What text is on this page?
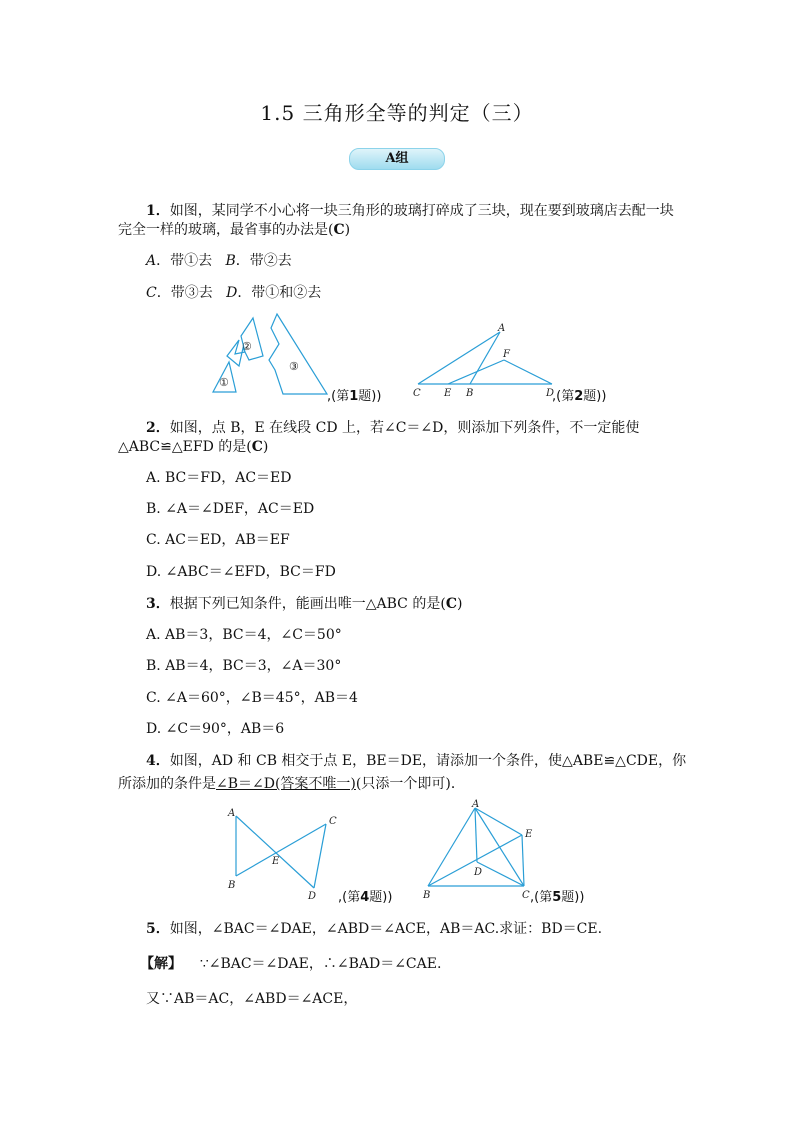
1.5 三角形全等的判定（三）
A组
1．如图，某同学不小心将一块三角形的玻璃打碎成了三块，现在要到玻璃店去配一块
完全一样的玻璃，最省事的办法是(C)
A．带①去 B．带②去
C．带③去 D．带①和②去
①
②
③
,(第1题))
A
F
C E B	D
,(第2题))
2．如图，点 B，E 在线段 CD 上，若∠C＝∠D，则添加下列条件，不一定能使
△ABC≌△EFD 的是(C)
A. BC＝FD，AC＝ED
B. ∠A＝∠DEF，AC＝ED
C. AC＝ED，AB＝EF
D. ∠ABC＝∠EFD，BC＝FD
3．根据下列已知条件，能画出唯一△ABC 的是(C)
A. AB＝3，BC＝4，∠C＝50°
B. AB＝4，BC＝3，∠A＝30°
C. ∠A＝60°，∠B＝45°，AB＝4
D. ∠C＝90°，AB＝6
4．如图，AD 和 CB 相交于点 E，BE＝DE，请添加一个条件，使△ABE≌△CDE，你
所添加的条件是∠B＝∠D(答案不唯一)(只添一个即可)．
A
C
E
B
D ,(第4题))
A
E
D
B	C ,(第5题))
5．如图，∠BAC＝∠DAE，∠ABD＝∠ACE，AB＝AC.求证：BD＝CE.
【解】 ∵∠BAC＝∠DAE，∴∠BAD＝∠CAE.
又∵AB＝AC，∠ABD＝∠ACE，
